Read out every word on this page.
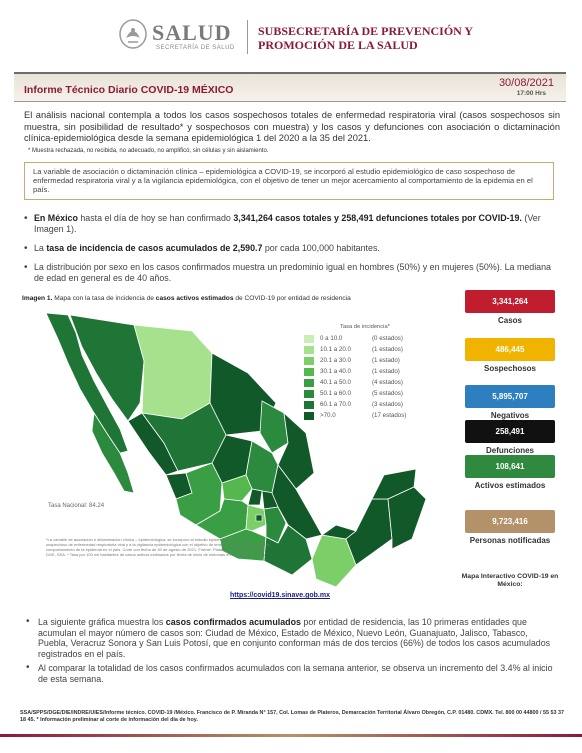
SALUD
SECRETARÍA DE SALUD
SUBSECRETARÍA DE PREVENCIÓN Y PROMOCIÓN DE LA SALUD
Informe Técnico Diario COVID-19 MÉXICO
30/08/2021
17:00 Hrs
El análisis nacional contempla a todos los casos sospechosos totales de enfermedad respiratoria viral (casos sospechosos sin muestra, sin posibilidad de resultado* y sospechosos con muestra) y los casos y defunciones con asociación o dictaminación clínica-epidemiológica desde la semana epidemiológica 1 del 2020 a la 35 del 2021.
* Muestra rechazada, no recibida, no adecuado, no amplificó, sin células y sin aislamiento.
La variable de asociación o dictaminación clínica – epidemiológica a COVID-19, se incorporó al estudio epidemiológico de caso sospechoso de enfermedad respiratoria viral y a la vigilancia epidemiológica, con el objetivo de tener un mejor acercamiento al comportamiento de la epidemia en el país.
• En México hasta el día de hoy se han confirmado 3,341,264 casos totales y 258,491 defunciones totales por COVID-19. (Ver Imagen 1).
• La tasa de incidencia de casos acumulados de 2,590.7 por cada 100,000 habitantes.
• La distribución por sexo en los casos confirmados muestra un predominio igual en hombres (50%) y en mujeres (50%). La mediana de edad en general es de 40 años.
Imagen 1. Mapa con la tasa de incidencia de casos activos estimados de COVID-19 por entidad de residencia
Tasa de incidencia*
0 a 10.0	(0 estados)
10.1 a 20.0	(1 estados)
20.1 a 30.0	(1 estado)
30.1 a 40.0	(1 estado)
40.1 a 50.0	(4 estados)
50.1 a 60.0	(5 estados)
60.1 a 70.0	(3 estados)
>70.0	(17 estados)
Tasa Nacional: 84.24
*La variable de asociación o dictaminación clínica – epidemiológica, se incorporó al estudio epidemiológico de caso sospechoso de enfermedad respiratoria viral y a la vigilancia epidemiológica con el objetivo de tener un mejor acercamiento al comportamiento de la epidemia en el país. Corte con fecha de 30 de agosto de 2021. Fuente: Plataforma SISVER, SINAVE, DGE, SSA. * Tasa por 100 mil habitantes de casos activos estimados por fecha de inicio de síntomas en los últimos 14 días.
https://covid19.sinave.gob.mx
3,341,264
Casos
486,445
Sospechosos
5,895,707
Negativos
258,491
Defunciones
108,641
Activos estimados
9,723,416
Personas notificadas
Mapa Interactivo COVID-19 en México:
• La siguiente gráfica muestra los casos confirmados acumulados por entidad de residencia, las 10 primeras entidades que acumulan el mayor número de casos son: Ciudad de México, Estado de México, Nuevo León, Guanajuato, Jalisco, Tabasco, Puebla, Veracruz Sonora y San Luis Potosí, que en conjunto conforman más de dos tercios (66%) de todos los casos acumulados registrados en el país.
• Al comparar la totalidad de los casos confirmados acumulados con la semana anterior, se observa un incremento del 3.4% al inicio de esta semana.
SSA/SPPS/DGE/DIE/INDRE/UIES/Informe técnico. COVID-19 /México. Francisco de P. Miranda N° 157, Col. Lomas de Plateros, Demarcación Territorial Álvaro Obregón, C.P. 01480. CDMX. Tel. 800 00 44800 / 55 53 37 18 45. * Información preliminar al corte de información del día de hoy.
